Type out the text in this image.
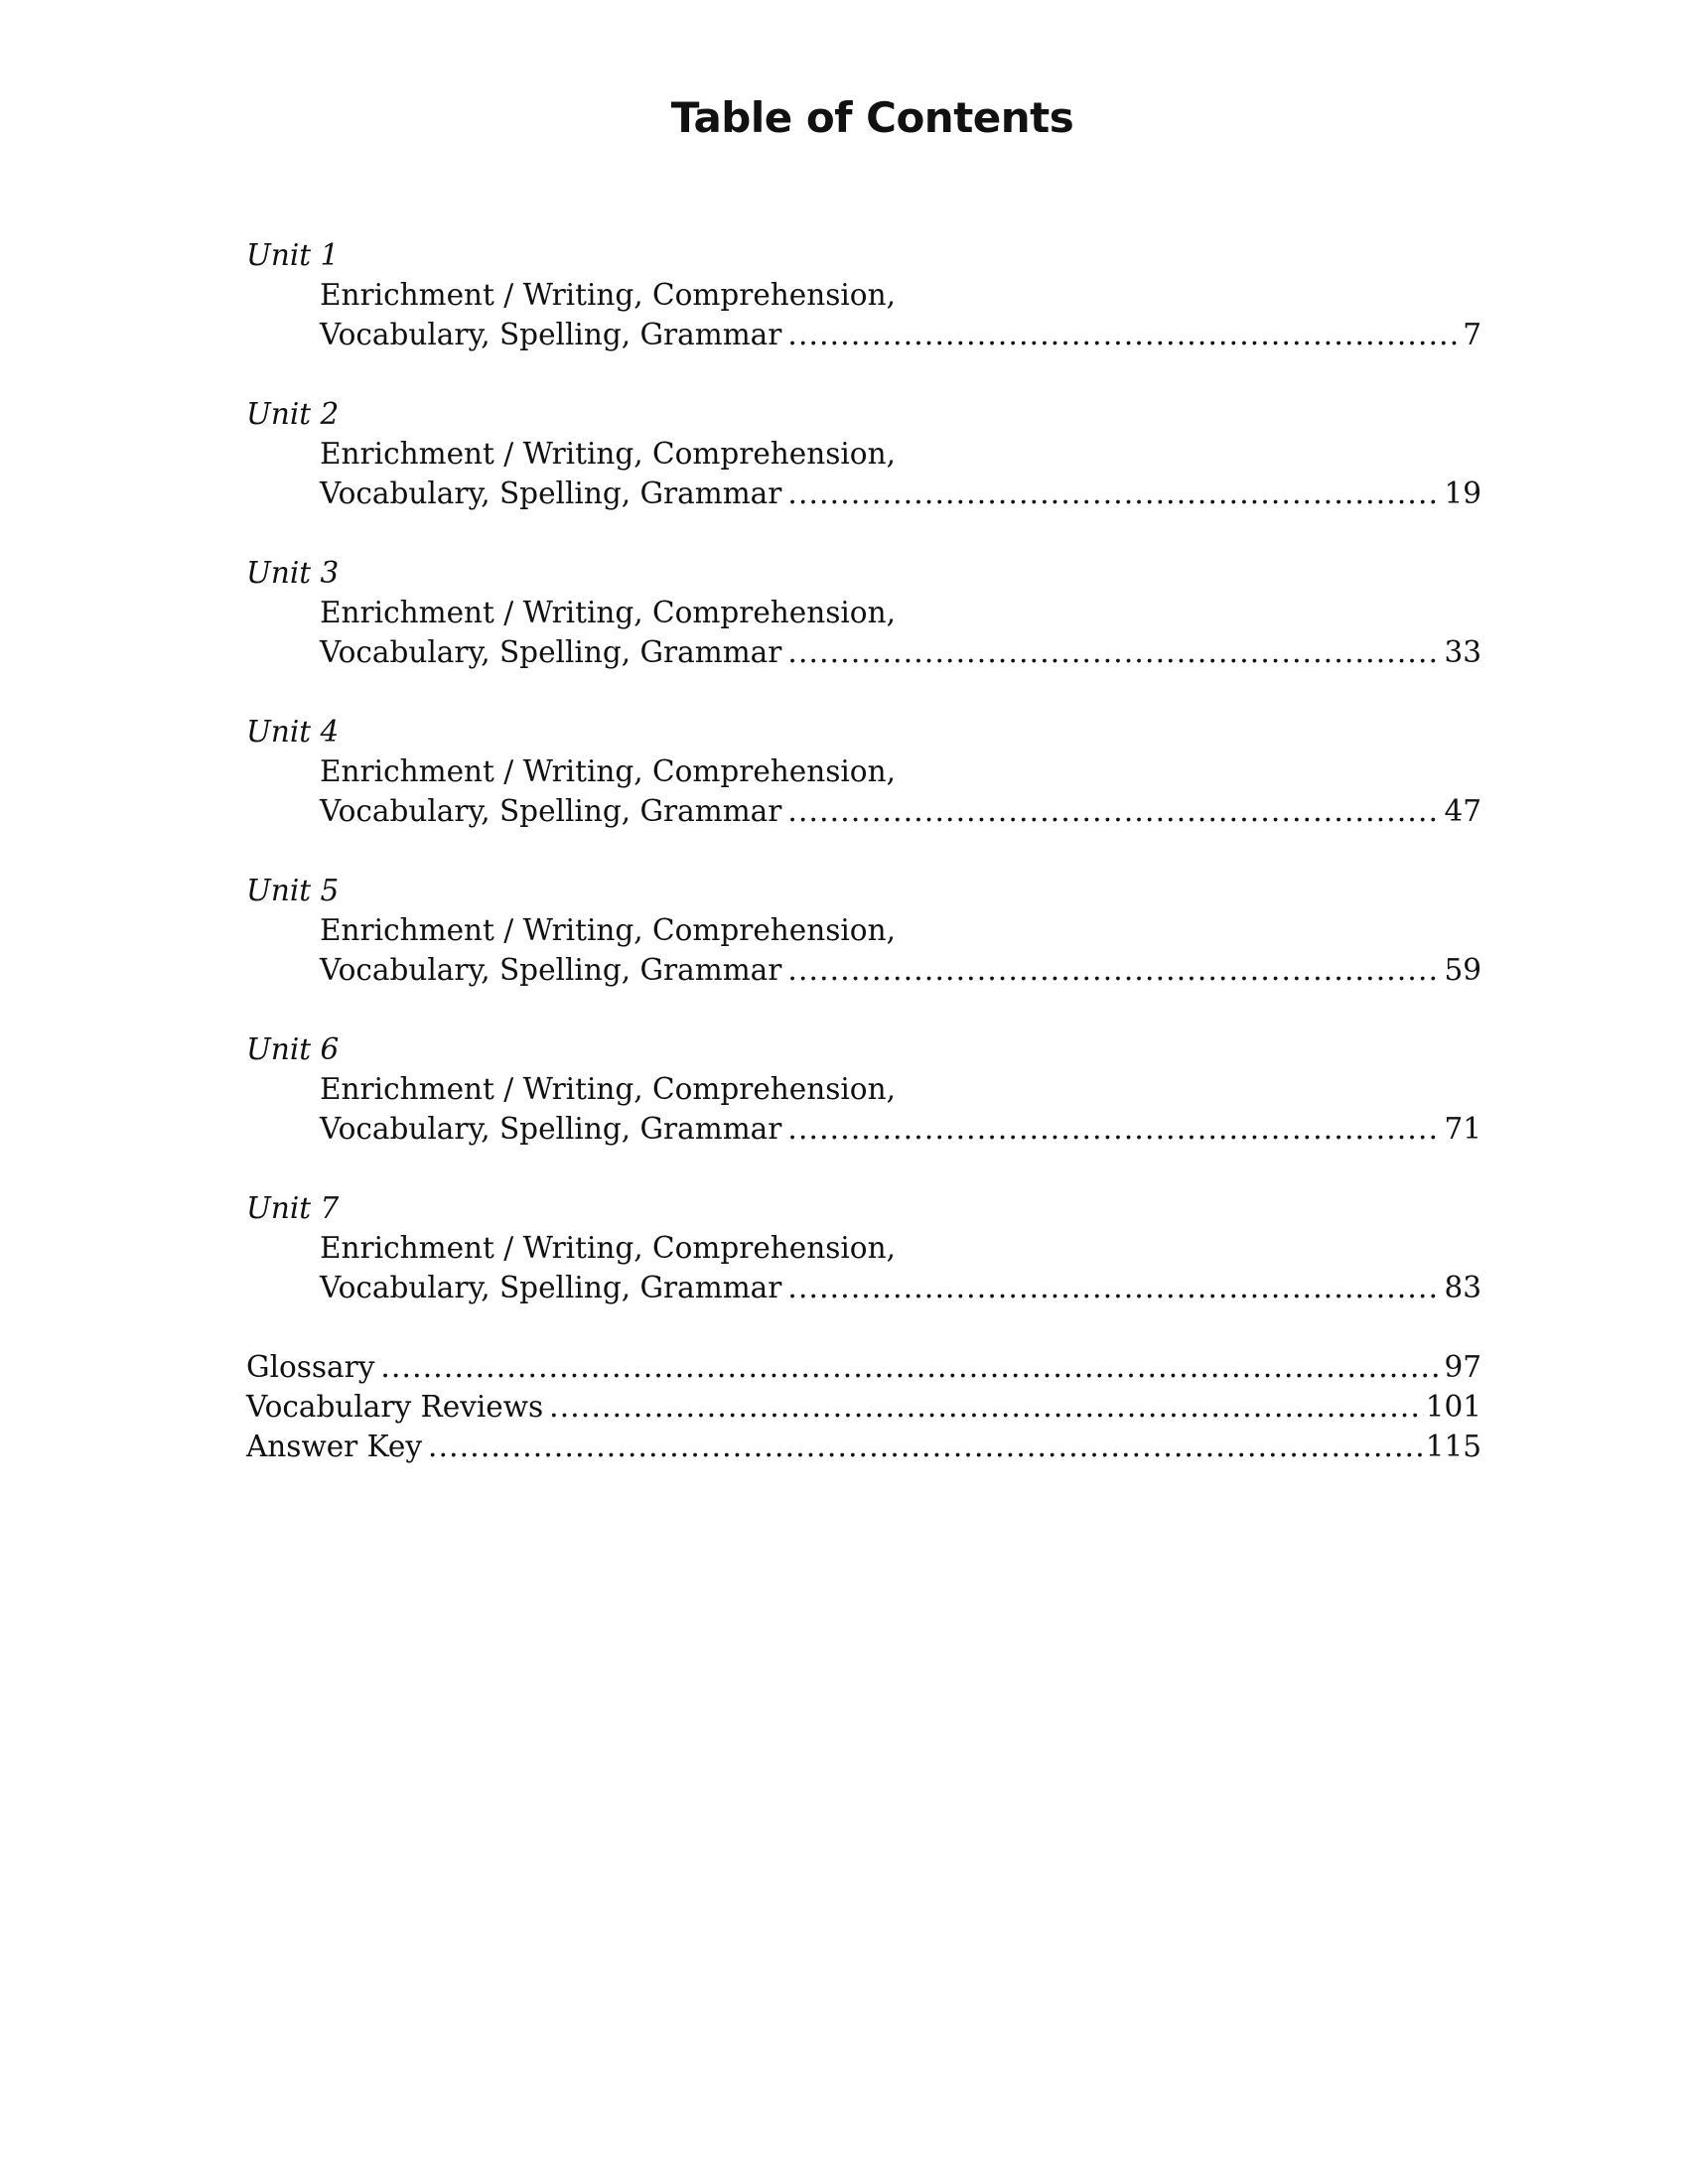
Table of Contents
Unit 1
Enrichment / Writing, Comprehension,
Vocabulary, Spelling, Grammar .....	7
Unit 2
Enrichment / Writing, Comprehension,
Vocabulary, Spelling, Grammar .....	19
Unit 3
Enrichment / Writing, Comprehension,
Vocabulary, Spelling, Grammar .....	33
Unit 4
Enrichment / Writing, Comprehension,
Vocabulary, Spelling, Grammar .....	47
Unit 5
Enrichment / Writing, Comprehension,
Vocabulary, Spelling, Grammar .....	59
Unit 6
Enrichment / Writing, Comprehension,
Vocabulary, Spelling, Grammar .....	71
Unit 7
Enrichment / Writing, Comprehension,
Vocabulary, Spelling, Grammar .....	83
Glossary .....	97
Vocabulary Reviews .....	101
Answer Key .....	115
